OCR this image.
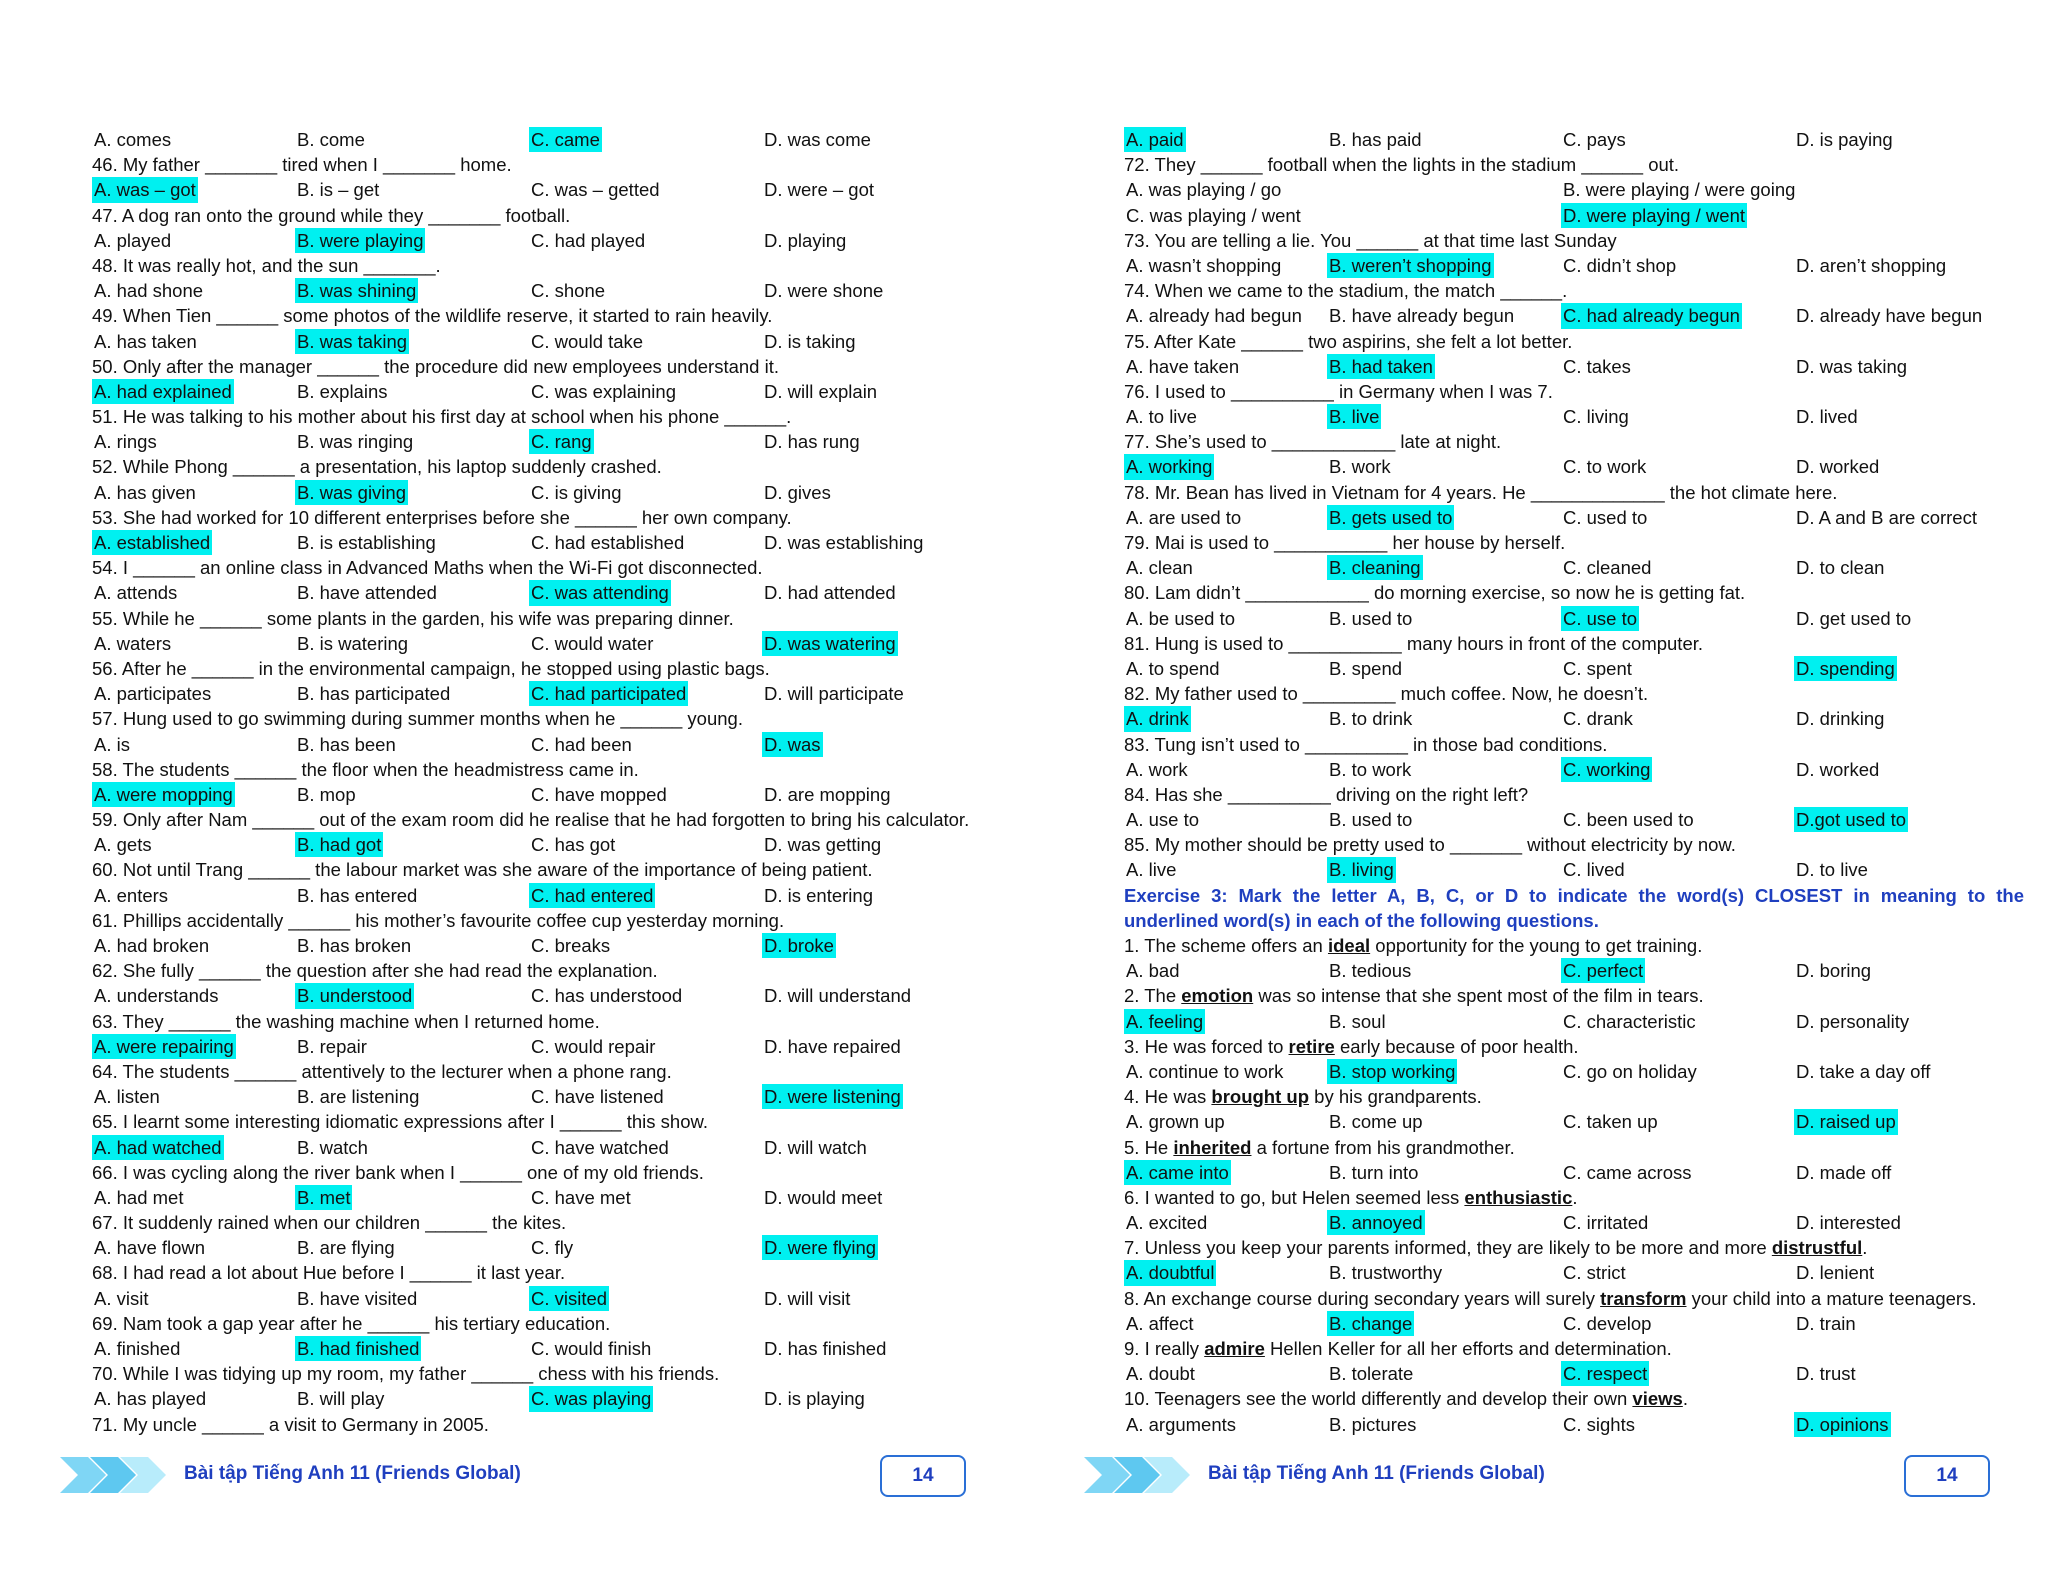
A. comes	B. come	C. came	D. was come
46. My father _______ tired when I _______ home.
A. was – got	B. is – get	C. was – getted	D. were – got
47. A dog ran onto the ground while they _______ football.
A. played	B. were playing	C. had played	D. playing
48. It was really hot, and the sun _______.
A. had shone	B. was shining	C. shone	D. were shone
49. When Tien ______ some photos of the wildlife reserve, it started to rain heavily.
A. has taken	B. was taking	C. would take	D. is taking
50. Only after the manager ______ the procedure did new employees understand it.
A. had explained	B. explains	C. was explaining	D. will explain
51. He was talking to his mother about his first day at school when his phone ______.
A. rings	B. was ringing	C. rang	D. has rung
52. While Phong ______ a presentation, his laptop suddenly crashed.
A. has given	B. was giving	C. is giving	D. gives
53. She had worked for 10 different enterprises before she ______ her own company.
A. established	B. is establishing	C. had established	D. was establishing
54. I ______ an online class in Advanced Maths when the Wi-Fi got disconnected.
A. attends	B. have attended	C. was attending	D. had attended
55. While he ______ some plants in the garden, his wife was preparing dinner.
A. waters	B. is watering	C. would water	D. was watering
56. After he ______ in the environmental campaign, he stopped using plastic bags.
A. participates	B. has participated	C. had participated	D. will participate
57. Hung used to go swimming during summer months when he ______ young.
A. is	B. has been	C. had been	D. was
58. The students ______ the floor when the headmistress came in.
A. were mopping	B. mop	C. have mopped	D. are mopping
59. Only after Nam ______ out of the exam room did he realise that he had forgotten to bring his calculator.
A. gets	B. had got	C. has got	D. was getting
60. Not until Trang ______ the labour market was she aware of the importance of being patient.
A. enters	B. has entered	C. had entered	D. is entering
61. Phillips accidentally ______ his mother’s favourite coffee cup yesterday morning.
A. had broken	B. has broken	C. breaks	D. broke
62. She fully ______ the question after she had read the explanation.
A. understands	B. understood	C. has understood	D. will understand
63. They ______ the washing machine when I returned home.
A. were repairing	B. repair	C. would repair	D. have repaired
64. The students ______ attentively to the lecturer when a phone rang.
A. listen	B. are listening	C. have listened	D. were listening
65. I learnt some interesting idiomatic expressions after I ______ this show.
A. had watched	B. watch	C. have watched	D. will watch
66. I was cycling along the river bank when I ______ one of my old friends.
A. had met	B. met	C. have met	D. would meet
67. It suddenly rained when our children ______ the kites.
A. have flown	B. are flying	C. fly	D. were flying
68. I had read a lot about Hue before I ______ it last year.
A. visit	B. have visited	C. visited	D. will visit
69. Nam took a gap year after he ______ his tertiary education.
A. finished	B. had finished	C. would finish	D. has finished
70. While I was tidying up my room, my father ______ chess with his friends.
A. has played	B. will play	C. was playing	D. is playing
71. My uncle ______ a visit to Germany in 2005.
Bài tập Tiếng Anh 11 (Friends Global)	14
A. paid	B. has paid	C. pays	D. is paying
72. They ______ football when the lights in the stadium ______ out.
A. was playing / go	B. were playing / were going
C. was playing / went	D. were playing / went
73. You are telling a lie. You ______ at that time last Sunday
A. wasn’t shopping	B. weren’t shopping	C. didn’t shop	D. aren’t shopping
74. When we came to the stadium, the match ______.
A. already had begun B. have already begun	C. had already begun	D. already have begun
75. After Kate ______ two aspirins, she felt a lot better.
A. have taken	B. had taken	C. takes	D. was taking
76. I used to __________ in Germany when I was 7.
A. to live	B. live	C. living	D. lived
77. She’s used to ____________ late at night.
A. working	B. work	C. to work	D. worked
78. Mr. Bean has lived in Vietnam for 4 years. He _____________ the hot climate here.
A. are used to	B. gets used to	C. used to	D. A and B are correct
79. Mai is used to ___________ her house by herself.
A. clean	B. cleaning	C. cleaned	D. to clean
80. Lam didn’t ____________ do morning exercise, so now he is getting fat.
A. be used to	B. used to	C. use to	D. get used to
81. Hung is used to ___________ many hours in front of the computer.
A. to spend	B. spend	C. spent	D. spending
82. My father used to _________ much coffee. Now, he doesn’t.
A. drink	B. to drink	C. drank	D. drinking
83. Tung isn’t used to __________ in those bad conditions.
A. work	B. to work	C. working	D. worked
84. Has she __________ driving on the right left?
A. use to	B. used to	C. been used to	D.got used to
85. My mother should be pretty used to _______ without electricity by now.
A. live	B. living	C. lived	D. to live
Exercise 3: Mark the letter A, B, C, or D to indicate the word(s) CLOSEST in meaning to the
underlined word(s) in each of the following questions.
1. The scheme offers an ideal opportunity for the young to get training.
A. bad	B. tedious	C. perfect	D. boring
2. The emotion was so intense that she spent most of the film in tears.
A. feeling	B. soul	C. characteristic	D. personality
3. He was forced to retire early because of poor health.
A. continue to work B. stop working	C. go on holiday	D. take a day off
4. He was brought up by his grandparents.
A. grown up	B. come up	C. taken up	D. raised up
5. He inherited a fortune from his grandmother.
A. came into	B. turn into	C. came across	D. made off
6. I wanted to go, but Helen seemed less enthusiastic.
A. excited	B. annoyed	C. irritated	D. interested
7. Unless you keep your parents informed, they are likely to be more and more distrustful.
A. doubtful	B. trustworthy	C. strict	D. lenient
8. An exchange course during secondary years will surely transform your child into a mature teenagers.
A. affect	B. change	C. develop	D. train
9. I really admire Hellen Keller for all her efforts and determination.
A. doubt	B. tolerate	C. respect	D. trust
10. Teenagers see the world differently and develop their own views.
A. arguments	B. pictures	C. sights	D. opinions
Bài tập Tiếng Anh 11 (Friends Global)	14
